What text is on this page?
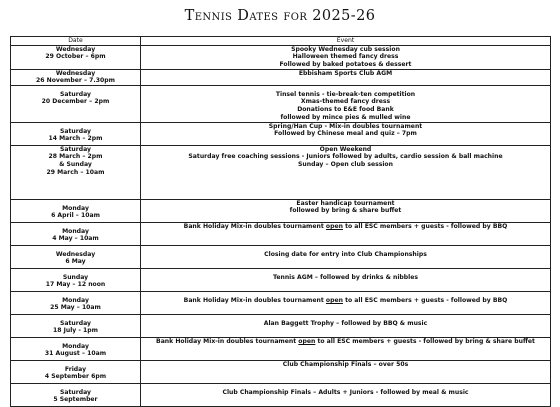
Tennis Dates for 2025-26
Date	Event

Wednesday
29 October – 6pm	Spooky Wednesday cub session
Halloween themed fancy dress
Followed by baked potatoes & dessert

Wednesday
26 November – 7.30pm	Ebbisham Sports Club AGM

Saturday
20 December – 2pm	Tinsel tennis - tie-break-ten competition
Xmas-themed fancy dress
Donations to E&E food Bank
followed by mince pies & mulled wine

Saturday
14 March – 2pm	Spring/Han Cup - Mix-in doubles tournament
Followed by Chinese meal and quiz – 7pm

Saturday
28 March – 2pm
& Sunday
29 March – 10am	Open Weekend
Saturday free coaching sessions - Juniors followed by adults, cardio session & ball machine
Sunday – Open club session

Monday
6 April – 10am	Easter handicap tournament
followed by bring & share buffet

Monday
4 May – 10am	Bank Holiday Mix-in doubles tournament open to all ESC members + guests - followed by BBQ

Wednesday
6 May	Closing date for entry into Club Championships

Sunday
17 May – 12 noon	Tennis AGM – followed by drinks & nibbles

Monday
25 May – 10am	Bank Holiday Mix-in doubles tournament open to all ESC members + guests - followed by BBQ

Saturday
18 July - 1pm	Alan Baggett Trophy – followed by BBQ & music

Monday
31 August – 10am	Bank Holiday Mix-in doubles tournament open to all ESC members + guests - followed by bring & share buffet

Friday
4 September 6pm	Club Championship Finals – over 50s

Saturday
5 September	Club Championship Finals – Adults + Juniors - followed by meal & music
